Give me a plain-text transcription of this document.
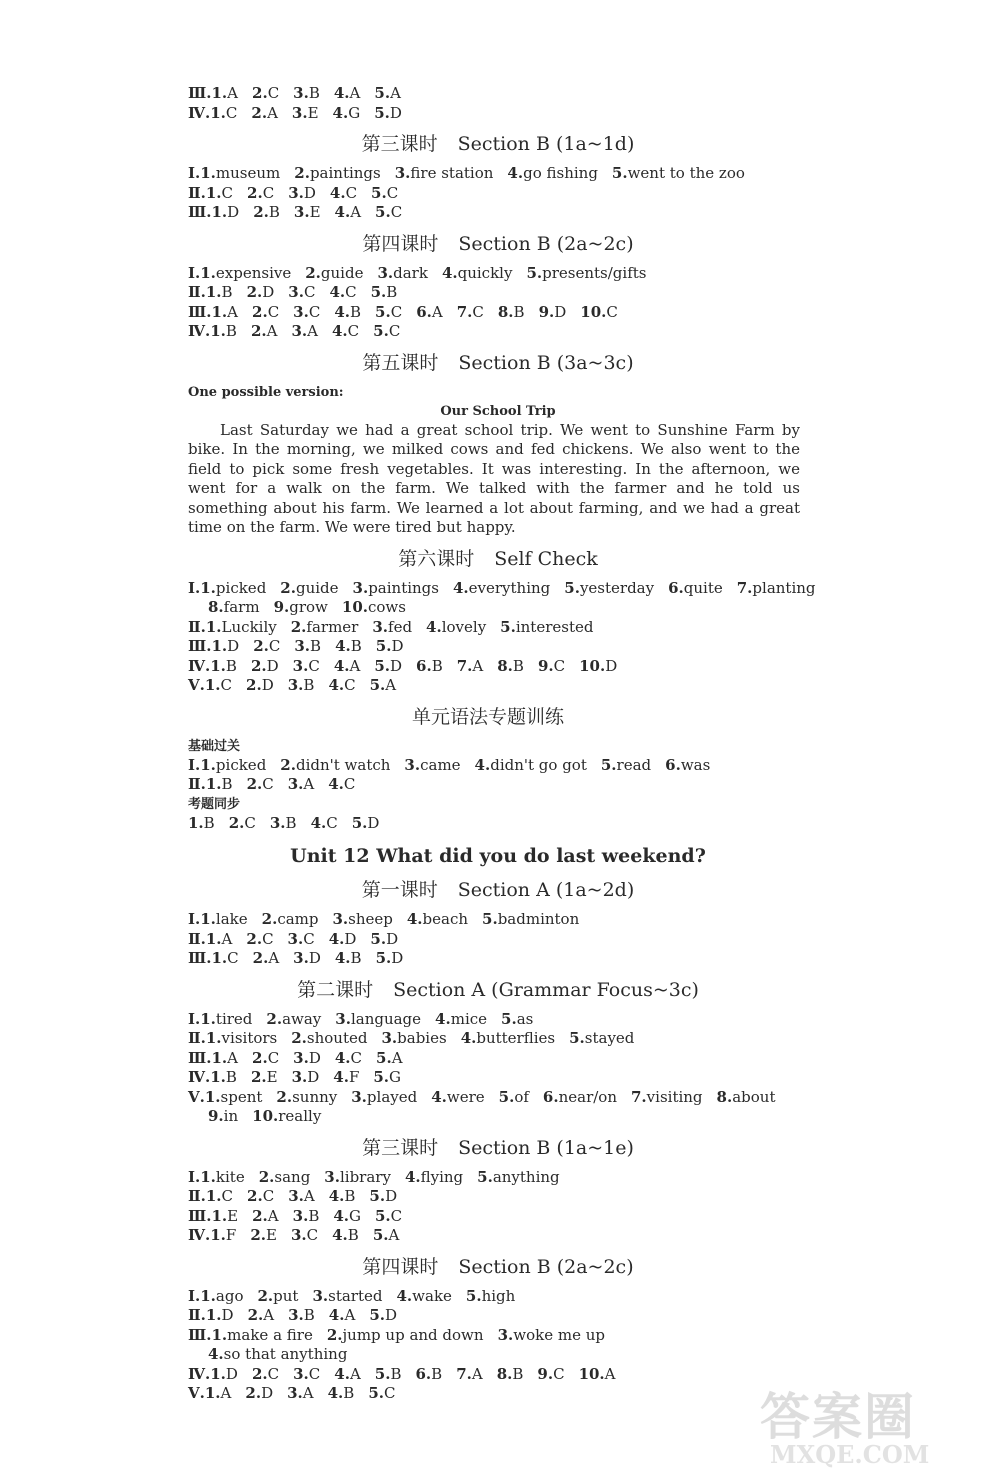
Ⅲ.1.A 2.C 3.B 4.A 5.A
Ⅳ.1.C 2.A 3.E 4.G 5.D
第三课时 Section B (1a~1d)
Ⅰ.1.museum 2.paintings 3.fire station 4.go fishing 5.went to the zoo
Ⅱ.1.C 2.C 3.D 4.C 5.C
Ⅲ.1.D 2.B 3.E 4.A 5.C
第四课时 Section B (2a~2c)
Ⅰ.1.expensive 2.guide 3.dark 4.quickly 5.presents/gifts
Ⅱ.1.B 2.D 3.C 4.C 5.B
Ⅲ.1.A 2.C 3.C 4.B 5.C 6.A 7.C 8.B 9.D 10.C
Ⅳ.1.B 2.A 3.A 4.C 5.C
第五课时 Section B (3a~3c)
One possible version:
Our School Trip
Last Saturday we had a great school trip. We went to Sunshine Farm by bike. In the morning, we milked cows and fed chickens. We also went to the field to pick some fresh vegetables. It was interesting. In the afternoon, we went for a walk on the farm. We talked with the farmer and he told us something about his farm. We learned a lot about farming, and we had a great time on the farm. We were tired but happy.
第六课时 Self Check
Ⅰ.1.picked 2.guide 3.paintings 4.everything 5.yesterday 6.quite 7.planting
8.farm 9.grow 10.cows
Ⅱ.1.Luckily 2.farmer 3.fed 4.lovely 5.interested
Ⅲ.1.D 2.C 3.B 4.B 5.D
Ⅳ.1.B 2.D 3.C 4.A 5.D 6.B 7.A 8.B 9.C 10.D
Ⅴ.1.C 2.D 3.B 4.C 5.A
单元语法专题训练
基础过关
Ⅰ.1.picked 2.didn't watch 3.came 4.didn't go got 5.read 6.was
Ⅱ.1.B 2.C 3.A 4.C
考题同步
1.B 2.C 3.B 4.C 5.D
Unit 12 What did you do last weekend?
第一课时 Section A (1a~2d)
Ⅰ.1.lake 2.camp 3.sheep 4.beach 5.badminton
Ⅱ.1.A 2.C 3.C 4.D 5.D
Ⅲ.1.C 2.A 3.D 4.B 5.D
第二课时 Section A (Grammar Focus~3c)
Ⅰ.1.tired 2.away 3.language 4.mice 5.as
Ⅱ.1.visitors 2.shouted 3.babies 4.butterflies 5.stayed
Ⅲ.1.A 2.C 3.D 4.C 5.A
Ⅳ.1.B 2.E 3.D 4.F 5.G
Ⅴ.1.spent 2.sunny 3.played 4.were 5.of 6.near/on 7.visiting 8.about
9.in 10.really
第三课时 Section B (1a~1e)
Ⅰ.1.kite 2.sang 3.library 4.flying 5.anything
Ⅱ.1.C 2.C 3.A 4.B 5.D
Ⅲ.1.E 2.A 3.B 4.G 5.C
Ⅳ.1.F 2.E 3.C 4.B 5.A
第四课时 Section B (2a~2c)
Ⅰ.1.ago 2.put 3.started 4.wake 5.high
Ⅱ.1.D 2.A 3.B 4.A 5.D
Ⅲ.1.make a fire 2.jump up and down 3.woke me up
4.so that anything
Ⅳ.1.D 2.C 3.C 4.A 5.B 6.B 7.A 8.B 9.C 10.A
Ⅴ.1.A 2.D 3.A 4.B 5.C	答案圈
MXQE.COM
